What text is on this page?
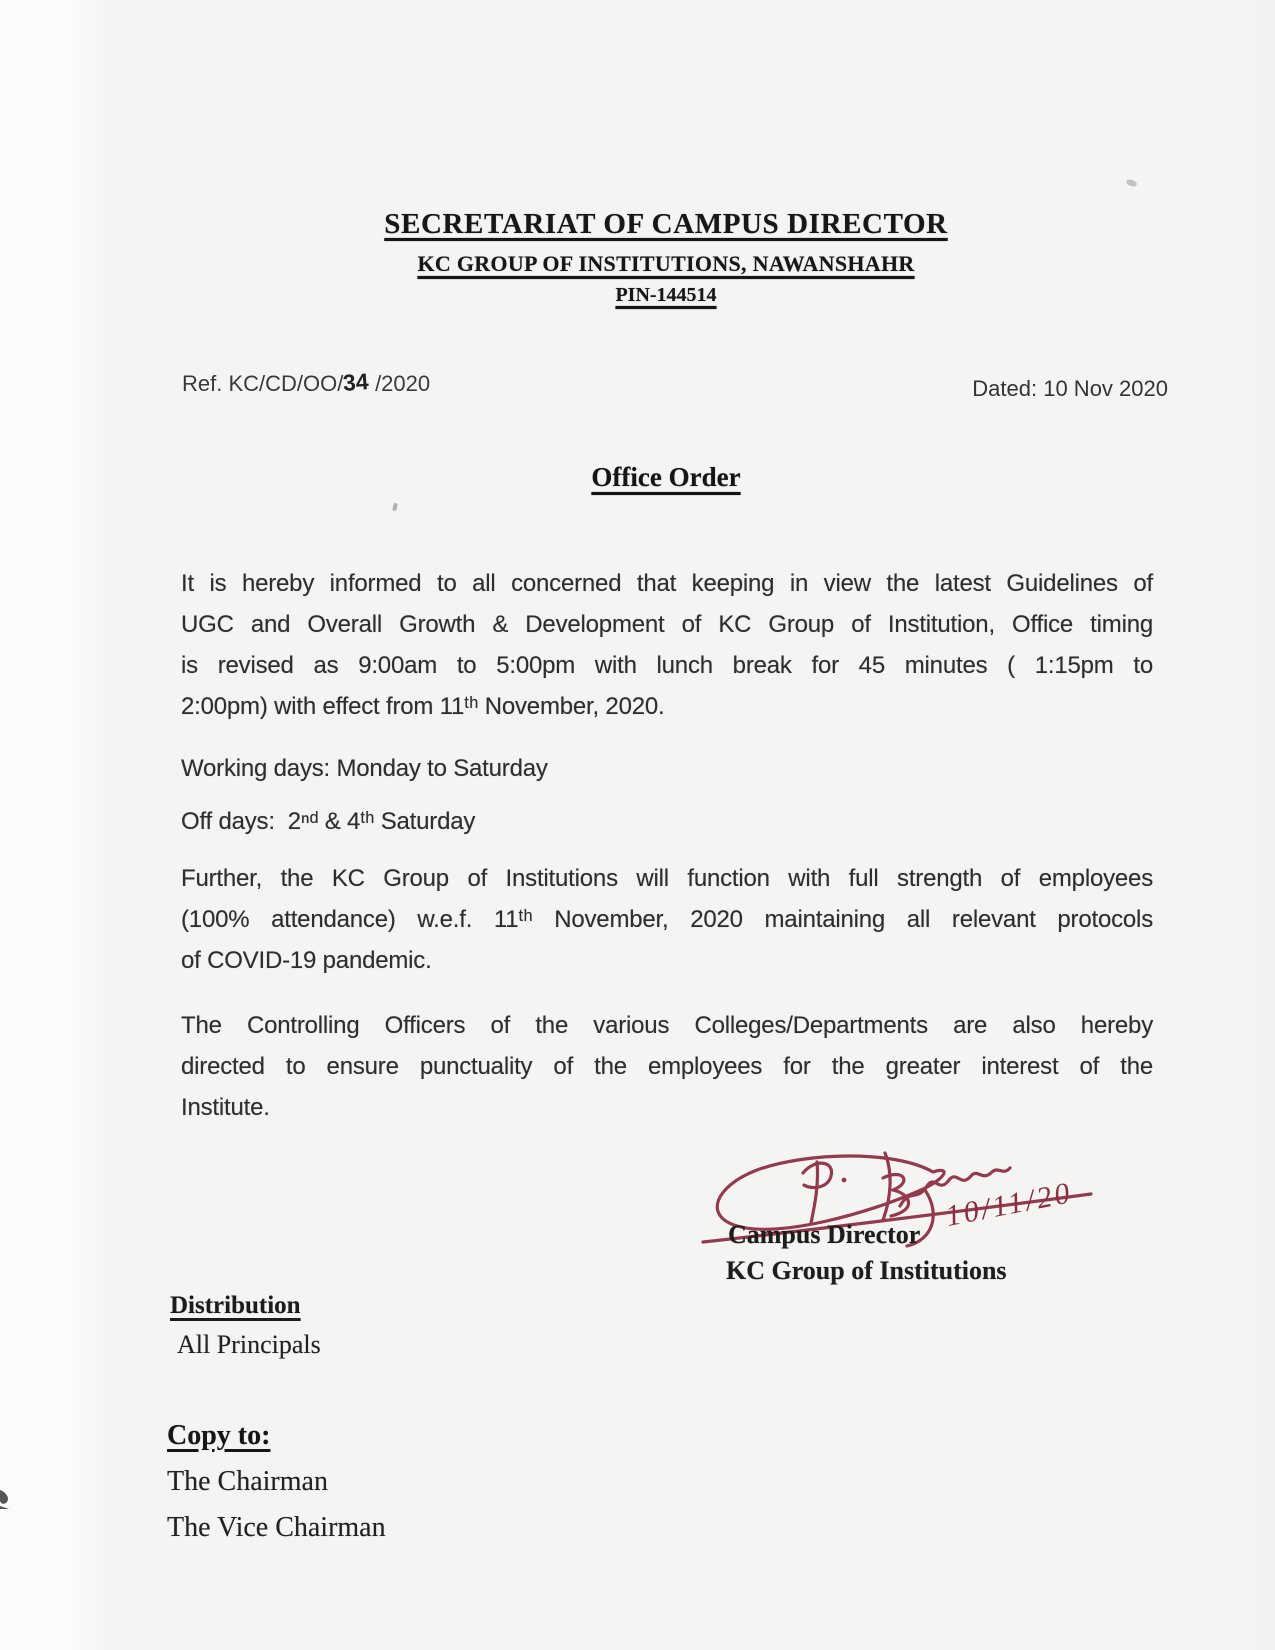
SECRETARIAT OF CAMPUS DIRECTOR
KC GROUP OF INSTITUTIONS, NAWANSHAHR
PIN-144514
Ref. KC/CD/OO/34 /2020	Dated: 10 Nov 2020
Office Order
It is hereby informed to all concerned that keeping in view the latest Guidelines of
UGC and Overall Growth & Development of KC Group of Institution, Office timing
is revised as 9:00am to 5:00pm with lunch break for 45 minutes ( 1:15pm to
2:00pm) with effect from 11ᵗʰ November, 2020.
Working days: Monday to Saturday
Off days:  2ⁿᵈ & 4ᵗʰ Saturday
Further, the KC Group of Institutions will function with full strength of employees
(100% attendance) w.e.f. 11ᵗʰ November, 2020 maintaining all relevant protocols
of COVID-19 pandemic.
The Controlling Officers of the various Colleges/Departments are also hereby
directed to ensure punctuality of the employees for the greater interest of the
Institute.
10/11/20
Campus Director
KC Group of Institutions
Distribution
All Principals
Copy to:
The Chairman
The Vice Chairman
